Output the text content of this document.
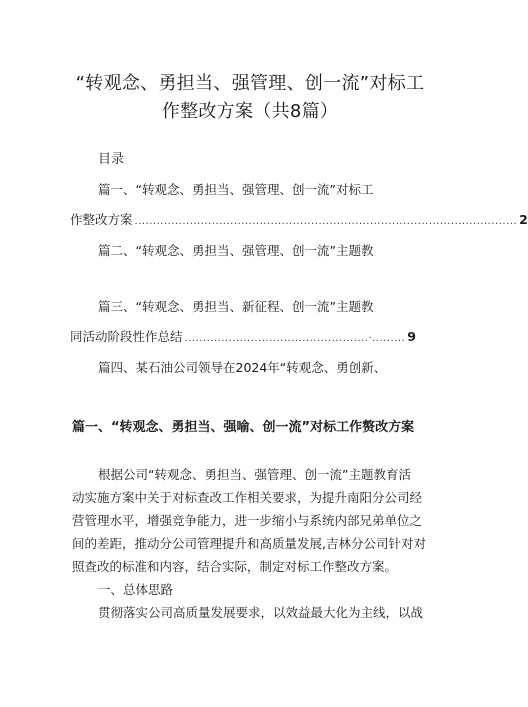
“转观念、勇担当、强管理、创一流”对标工
作整改方案（共8篇）
目录
篇一、“转观念、勇担当、强管理、创一流”对标工
作整改方案 ........................................................................................................ 2
篇二、“转观念、勇担当、强管理、创一流”主题教
篇三、“转观念、勇担当、新征程、创一流”主题教
同活动阶段性作总结 ..................................................·......... 9
篇四、某石油公司领导在2024年“转观念、勇创新、
篇一、“转观念、勇担当、强喻、创一流”对标工作赘改方案
根据公司“转观念、勇担当、强管理、创一流”主题教育活
动实施方案中关于对标查改工作相关要求，为提升南阳分公司经
营管理水平，增强竞争能力，进一步缩小与系统内部兄弟单位之
间的差距，推动分公司管理提升和高质量发展,吉林分公司针对对
照查改的标准和内容，结合实际，制定对标工作整改方案。
一、总体思路
贯彻落实公司高质量发展要求，以效益最大化为主线，以战
